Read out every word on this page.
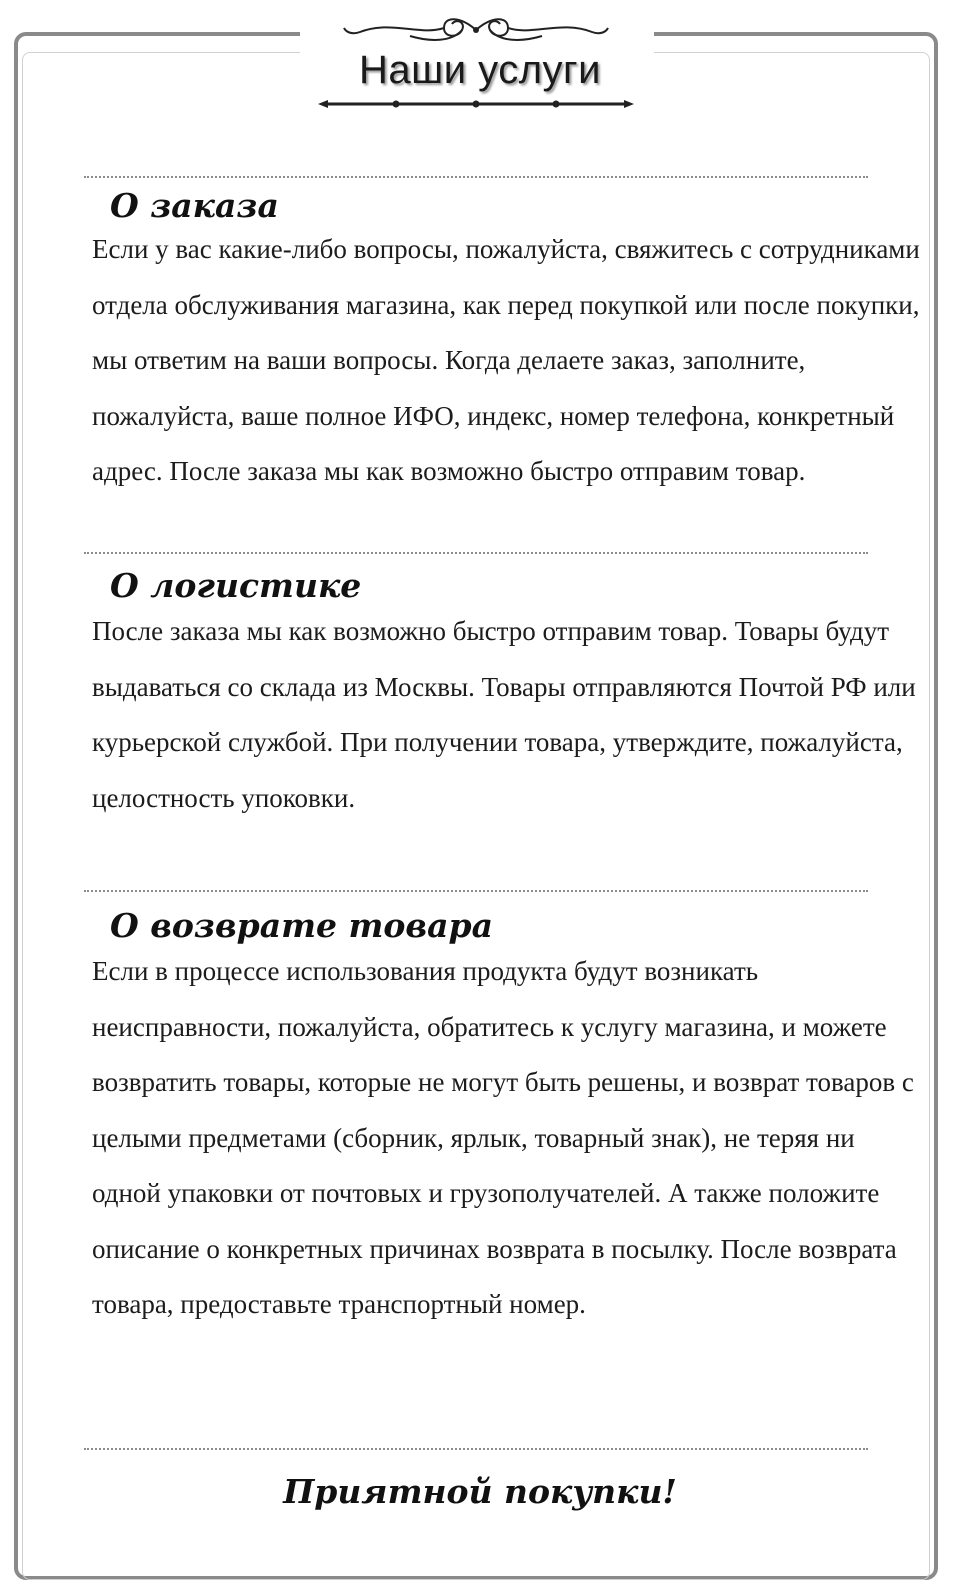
Наши услуги
О заказа

Если у вас какие-либо вопросы, пожалуйста, свяжитесь с сотрудниками отдела обслуживания магазина, как перед покупкой или после покупки, мы ответим на ваши вопросы. Когда делаете заказ, заполните, пожалуйста, ваше полное ИФО, индекс, номер телефона, конкретный адрес. После заказа мы как возможно быстро отправим товар.

О логистике

После заказа мы как возможно быстро отправим товар. Товары будут выдаваться со склада из Москвы. Товары отправляются Почтой РФ или курьерской службой. При получении товара, утверждите, пожалуйста, целостность упоковки.

О возврате товара

Если в процессе использования продукта будут возникать неисправности, пожалуйста, обратитесь к услугу магазина, и можете возвратить товары, которые не могут быть решены, и возврат товаров с целыми предметами (сборник, ярлык, товарный знак), не теряя ни одной упаковки от почтовых и грузополучателей. А также положите описание о конкретных причинах возврата в посылку. После возврата товара, предоставьте транспортный номер.

Приятной покупки!
